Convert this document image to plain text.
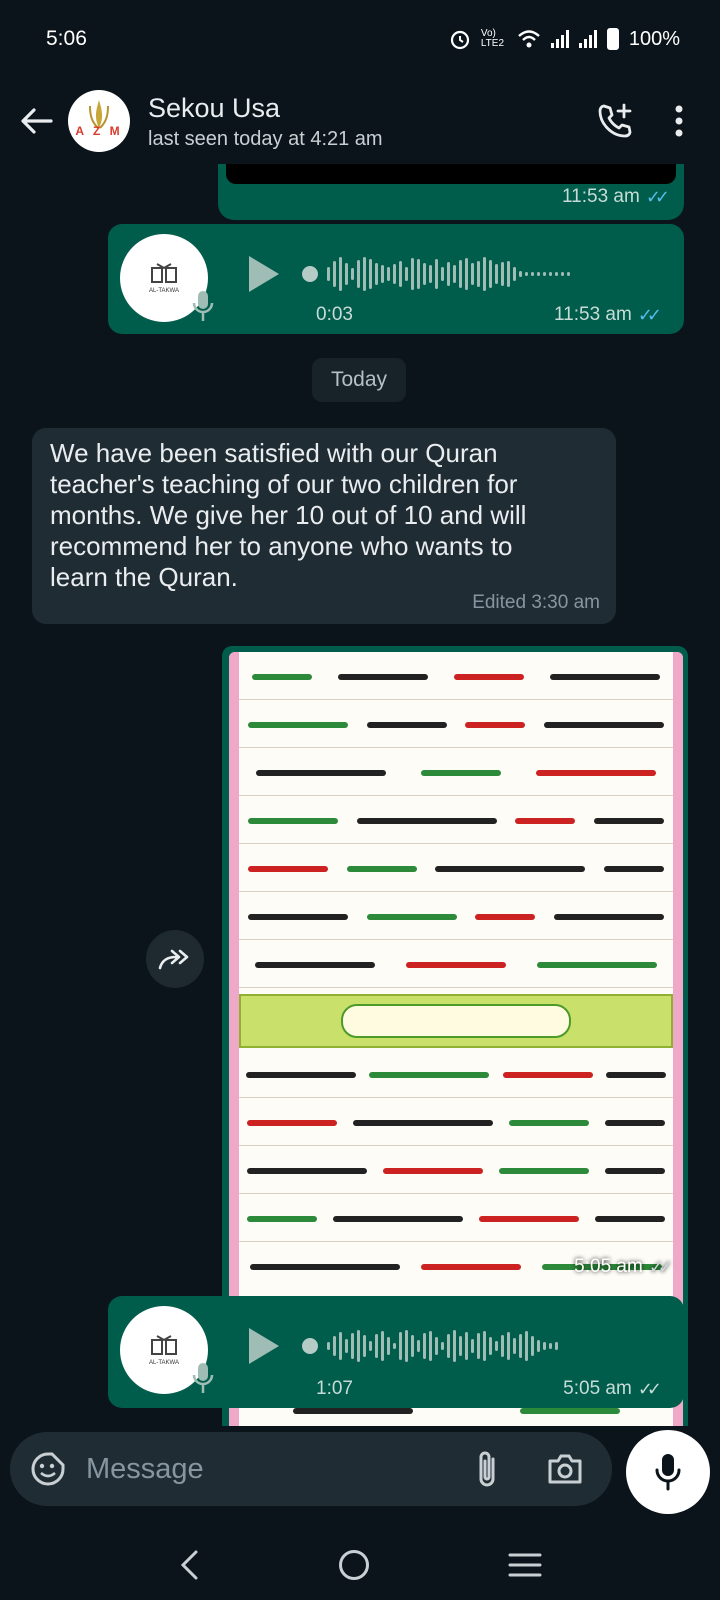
5:06	Vo) LTE2	100%
A Z M
Sekou Usa
last seen today at 4:21 am
11:53 am ✓✓
AL-TAKWA
0:03	11:53 am ✓✓
Today
We have been satisfied with our Quran
teacher's teaching of our two children for
months. We give her 10 out of 10 and will
recommend her to anyone who wants to
learn the Quran.
Edited 3:30 am
5:05 am ✓✓
AL-TAKWA
1:07	5:05 am ✓✓
Message
